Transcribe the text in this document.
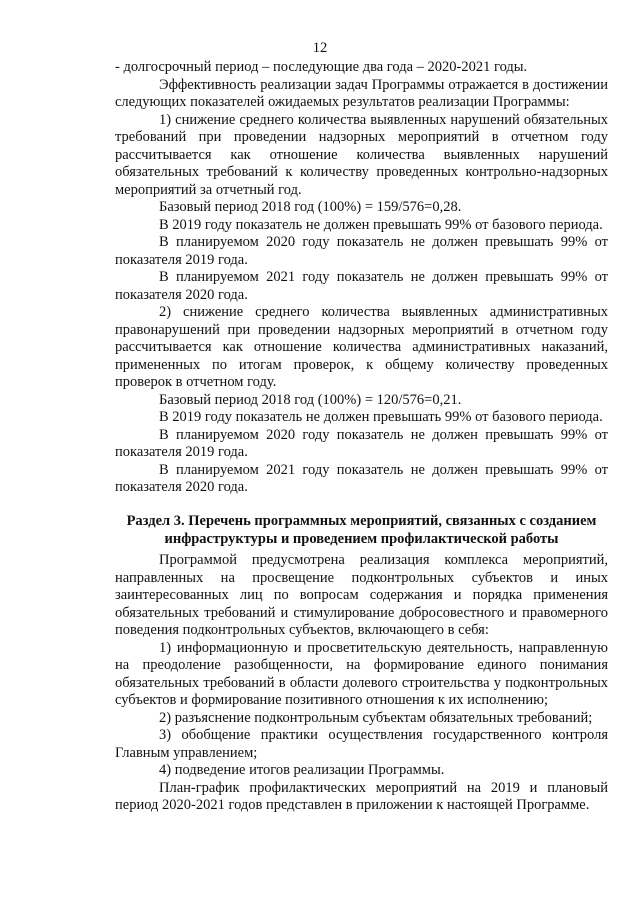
12

- долгосрочный период – последующие два года – 2020-2021 годы.

Эффективность реализации задач Программы отражается в достижении следующих показателей ожидаемых результатов реализации Программы:

1) снижение среднего количества выявленных нарушений обязательных требований при проведении надзорных мероприятий в отчетном году рассчитывается как отношение количества выявленных нарушений обязательных требований к количеству проведенных контрольно-надзорных мероприятий за отчетный год.

Базовый период 2018 год (100%) = 159/576=0,28.

В 2019 году показатель не должен превышать 99% от базового периода.

В планируемом 2020 году показатель не должен превышать 99% от показателя 2019 года.

В планируемом 2021 году показатель не должен превышать 99% от показателя 2020 года.

2) снижение среднего количества выявленных административных правонарушений при проведении надзорных мероприятий в отчетном году рассчитывается как отношение количества административных наказаний, примененных по итогам проверок, к общему количеству проведенных проверок в отчетном году.

Базовый период 2018 год (100%) = 120/576=0,21.

В 2019 году показатель не должен превышать 99% от базового периода.

В планируемом 2020 году показатель не должен превышать 99% от показателя 2019 года.

В планируемом 2021 году показатель не должен превышать 99% от показателя 2020 года.

Раздел 3. Перечень программных мероприятий, связанных с созданием инфраструктуры и проведением профилактической работы

Программой предусмотрена реализация комплекса мероприятий, направленных на просвещение подконтрольных субъектов и иных заинтересованных лиц по вопросам содержания и порядка применения обязательных требований и стимулирование добросовестного и правомерного поведения подконтрольных субъектов, включающего в себя:

1) информационную и просветительскую деятельность, направленную на преодоление разобщенности, на формирование единого понимания обязательных требований в области долевого строительства у подконтрольных субъектов и формирование позитивного отношения к их исполнению;

2) разъяснение подконтрольным субъектам обязательных требований;

3) обобщение практики осуществления государственного контроля Главным управлением;

4) подведение итогов реализации Программы.

План-график профилактических мероприятий на 2019 и плановый период 2020-2021 годов представлен в приложении к настоящей Программе.
